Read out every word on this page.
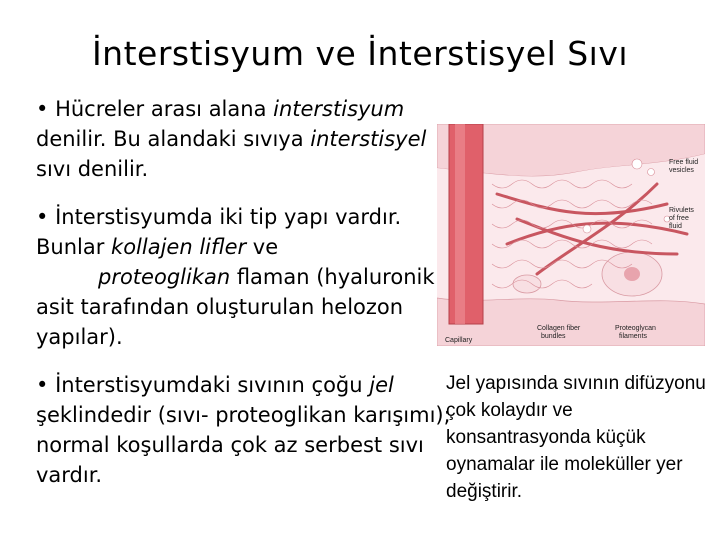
İnterstisyum ve İnterstisyel Sıvı
• Hücreler arası alana interstisyum denilir. Bu alandaki sıvıya interstisyel sıvı denilir.
• İnterstisyumda iki tip yapı vardır. Bunlar kollajen lifler ve
proteoglikan flaman (hyaluronik asit tarafından oluşturulan helozon yapılar).
• İnterstisyumdaki sıvının çoğu jel şeklindedir (sıvı- proteoglikan karışımı); normal koşullarda çok az serbest sıvı vardır.
Jel yapısında sıvının difüzyonu çok kolaydır ve konsantrasyonda küçük oynamalar ile moleküller yer değiştirir.
Free fluid vesicles
Rivulets of free fluid
Capillary
Collagen fiber bundles
Proteoglycan filaments
